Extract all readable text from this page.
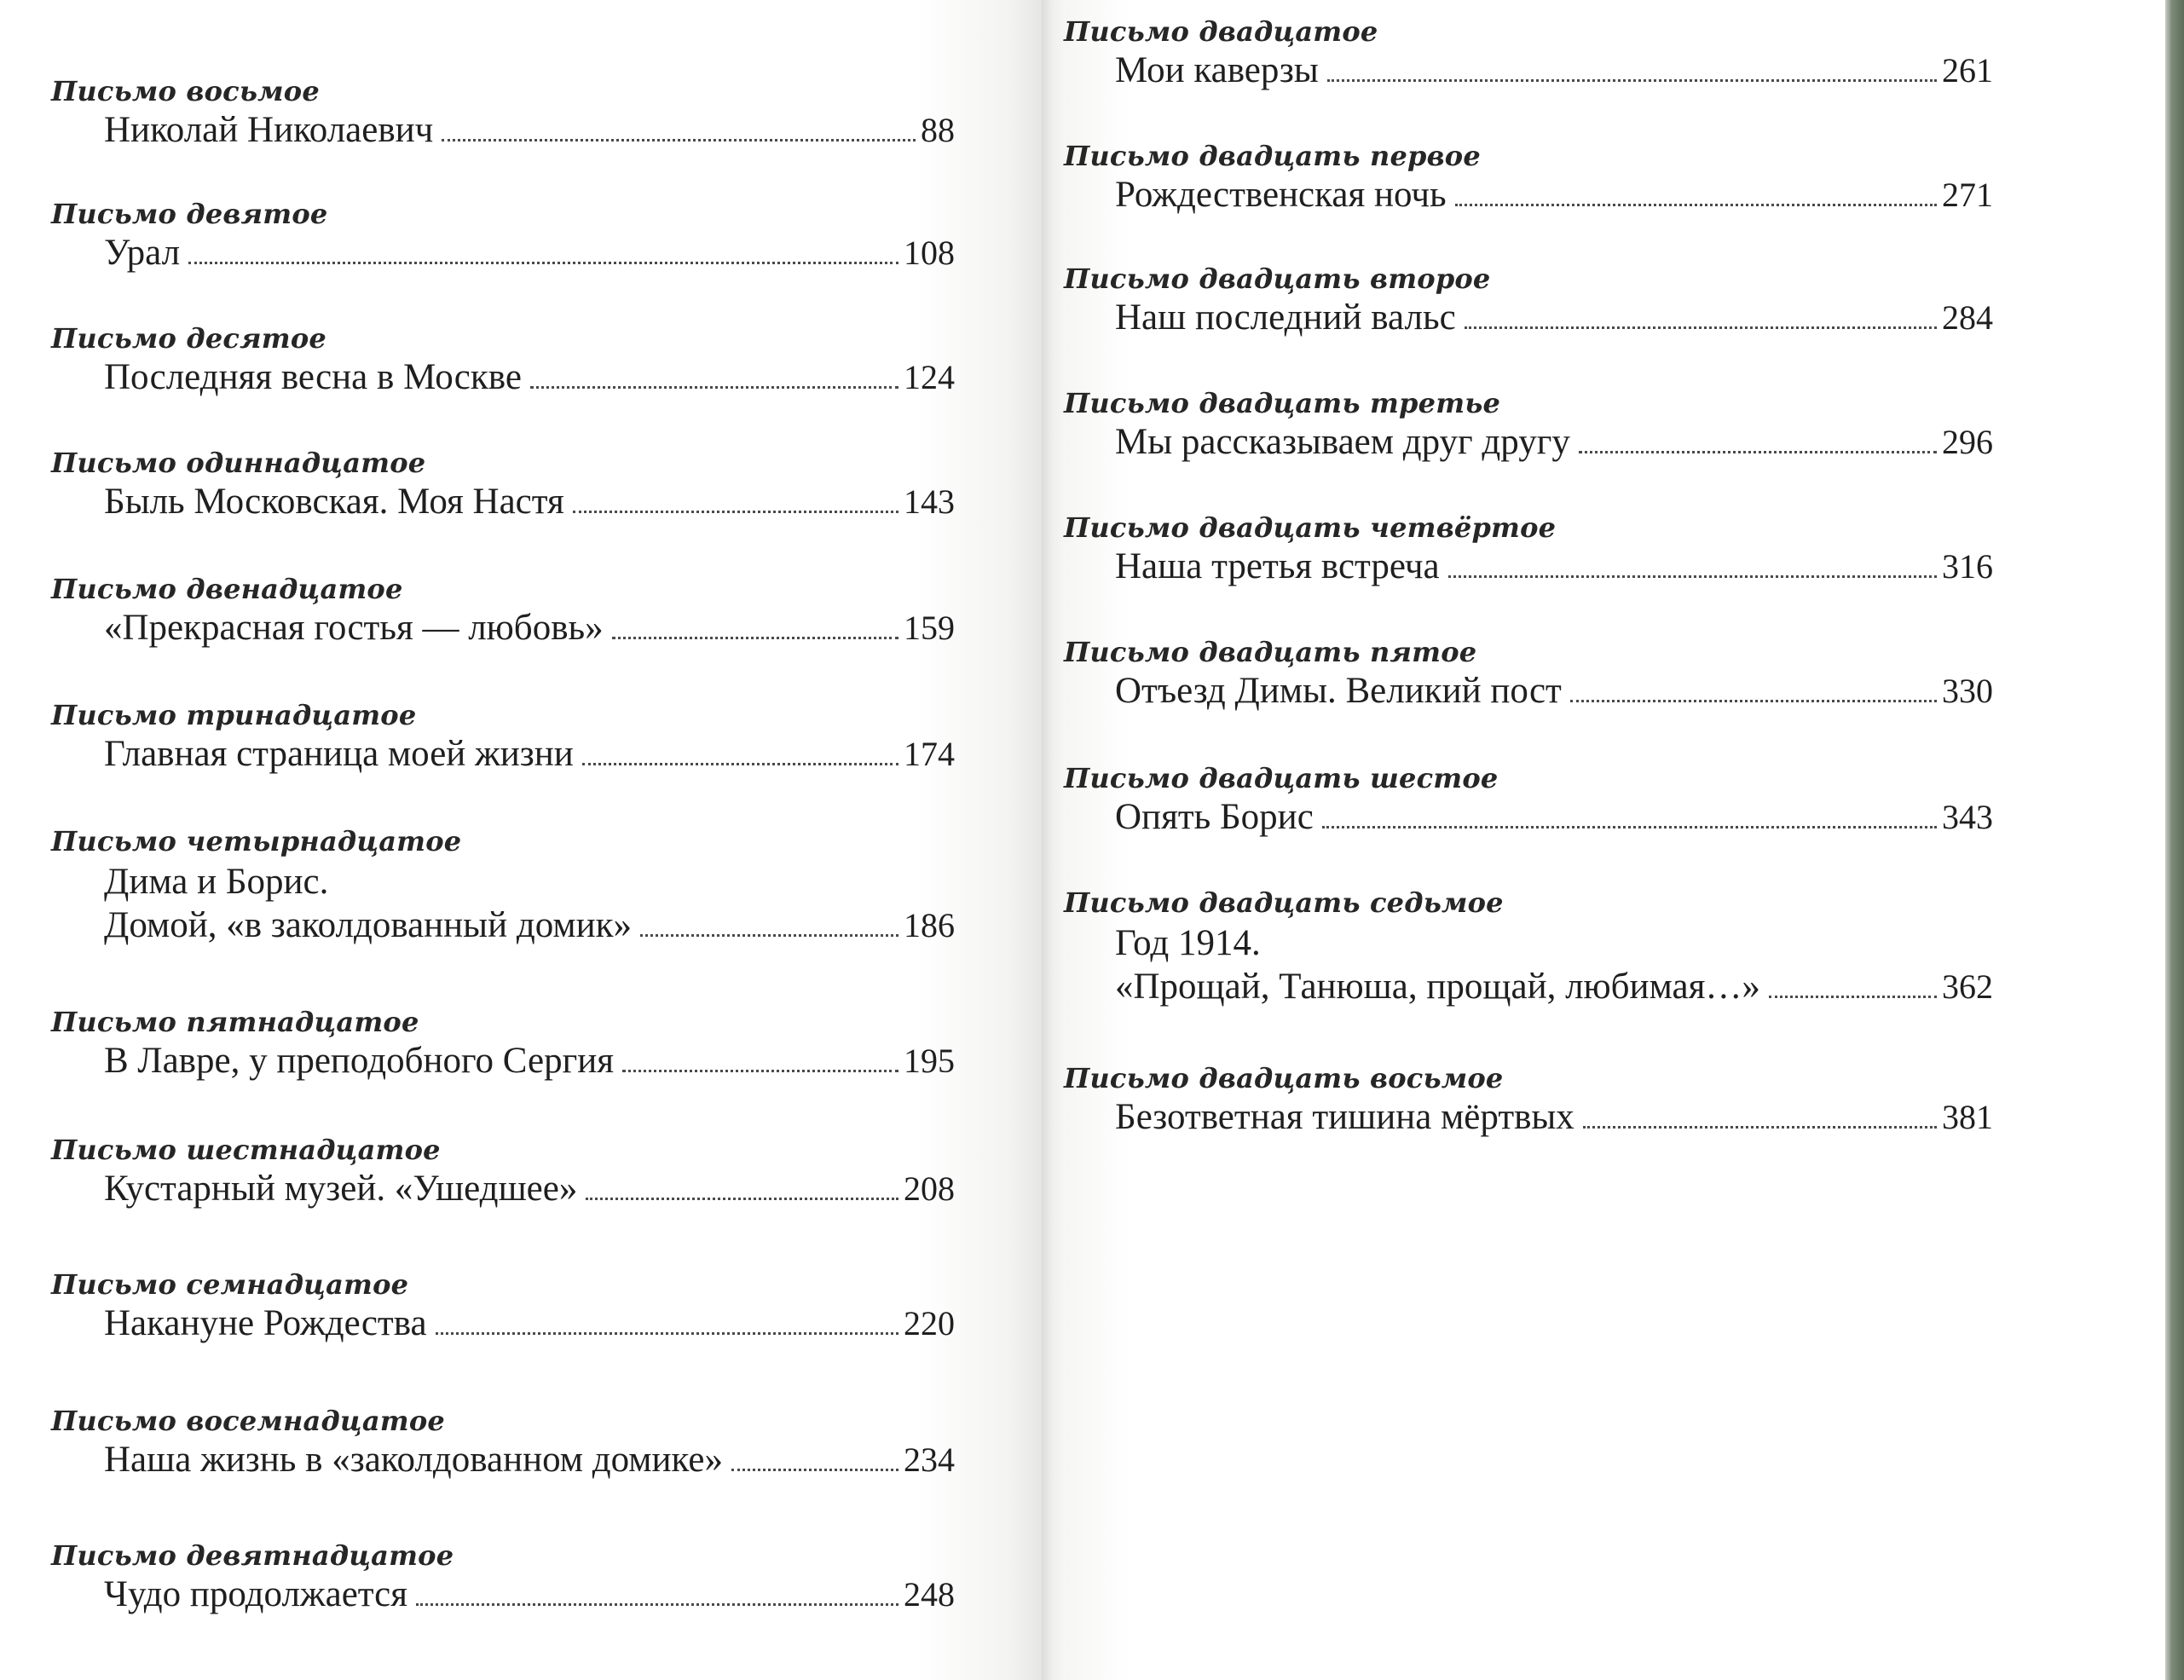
Письмо восьмое
Николай Николаевич	88
Письмо девятое
Урал	108
Письмо десятое
Последняя весна в Москве	124
Письмо одиннадцатое
Быль Московская. Моя Настя	143
Письмо двенадцатое
«Прекрасная гостья — любовь»	159
Письмо тринадцатое
Главная страница моей жизни	174
Письмо четырнадцатое
Дима и Борис.
Домой, «в заколдованный домик»	186
Письмо пятнадцатое
В Лавре, у преподобного Сергия	195
Письмо шестнадцатое
Кустарный музей. «Ушедшее»	208
Письмо семнадцатое
Накануне Рождества	220
Письмо восемнадцатое
Наша жизнь в «заколдованном домике»	234
Письмо девятнадцатое
Чудо продолжается	248
Письмо двадцатое
Мои каверзы	261
Письмо двадцать первое
Рождественская ночь	271
Письмо двадцать второе
Наш последний вальс	284
Письмо двадцать третье
Мы рассказываем друг другу	296
Письмо двадцать четвёртое
Наша третья встреча	316
Письмо двадцать пятое
Отъезд Димы. Великий пост	330
Письмо двадцать шестое
Опять Борис	343
Письмо двадцать седьмое
Год 1914.
«Прощай, Танюша, прощай, любимая…»	362
Письмо двадцать восьмое
Безответная тишина мёртвых	381
